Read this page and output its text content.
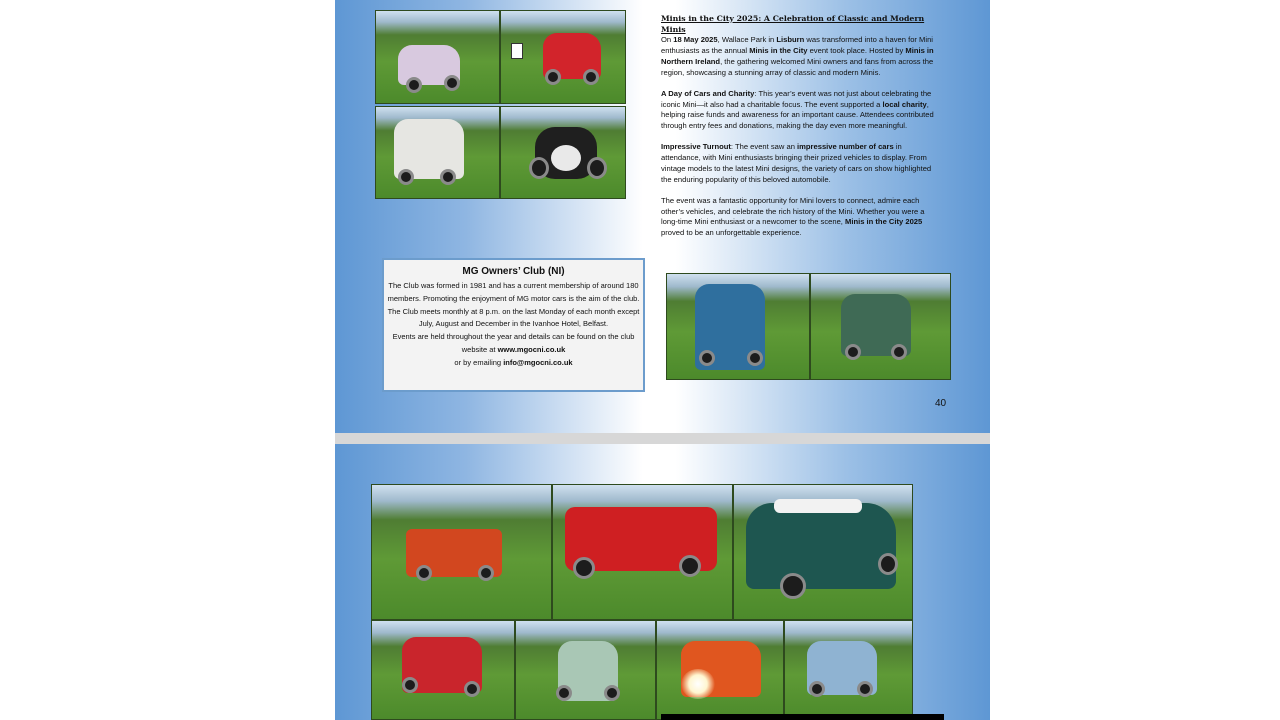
Minis in the City 2025: A Celebration of Classic and Modern Minis

On 18 May 2025, Wallace Park in Lisburn was transformed into a haven for Mini enthusiasts as the annual Minis in the City event took place. Hosted by Minis in Northern Ireland, the gathering welcomed Mini owners and fans from across the region, showcasing a stunning array of classic and modern Minis.

A Day of Cars and Charity: This year’s event was not just about celebrating the iconic Mini—it also had a charitable focus. The event supported a local charity, helping raise funds and awareness for an important cause. Attendees contributed through entry fees and donations, making the day even more meaningful.

Impressive Turnout: The event saw an impressive number of cars in attendance, with Mini enthusiasts bringing their prized vehicles to display. From vintage models to the latest Mini designs, the variety of cars on show highlighted the enduring popularity of this beloved automobile.

The event was a fantastic opportunity for Mini lovers to connect, admire each other’s vehicles, and celebrate the rich history of the Mini. Whether you were a long-time Mini enthusiast or a newcomer to the scene, Minis in the City 2025 proved to be an unforgettable experience.

MG Owners’ Club (NI)
The Club was formed in 1981 and has a current membership of around 180 members. Promoting the enjoyment of MG motor cars is the aim of the club.
The Club meets monthly at 8 p.m. on the last Monday of each month except July, August and December in the Ivanhoe Hotel, Belfast.
Events are held throughout the year and details can be found on the club website at www.mgocni.co.uk
or by emailing info@mgocni.co.uk
40
